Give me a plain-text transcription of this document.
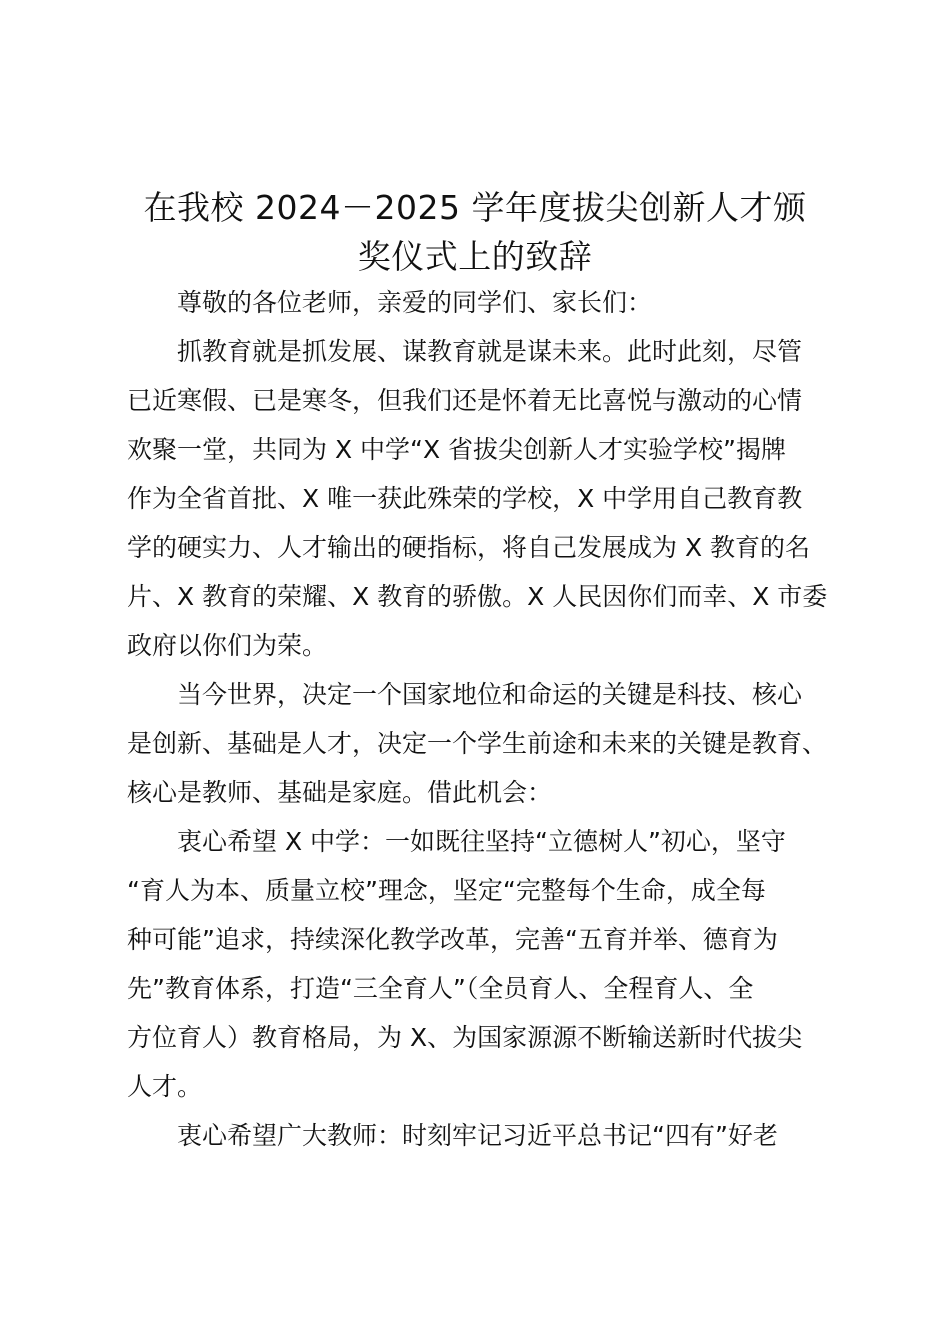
在我校 2024－2025 学年度拔尖创新人才颁
奖仪式上的致辞

尊敬的各位老师，亲爱的同学们、家长们：

抓教育就是抓发展、谋教育就是谋未来。此时此刻，尽管
已近寒假、已是寒冬，但我们还是怀着无比喜悦与激动的心情
欢聚一堂，共同为 X 中学“X 省拔尖创新人才实验学校”揭牌
作为全省首批、X 唯一获此殊荣的学校，X 中学用自己教育教
学的硬实力、人才输出的硬指标，将自己发展成为 X 教育的名
片、X 教育的荣耀、X 教育的骄傲。X 人民因你们而幸、X 市委
政府以你们为荣。

当今世界，决定一个国家地位和命运的关键是科技、核心
是创新、基础是人才，决定一个学生前途和未来的关键是教育、
核心是教师、基础是家庭。借此机会：

衷心希望 X 中学：一如既往坚持“立德树人”初心，坚守
“育人为本、质量立校”理念，坚定“完整每个生命，成全每
种可能”追求，持续深化教学改革，完善“五育并举、德育为
先”教育体系，打造“三全育人”（全员育人、全程育人、全
方位育人）教育格局，为 X、为国家源源不断输送新时代拔尖
人才。

衷心希望广大教师：时刻牢记习近平总书记“四有”好老
